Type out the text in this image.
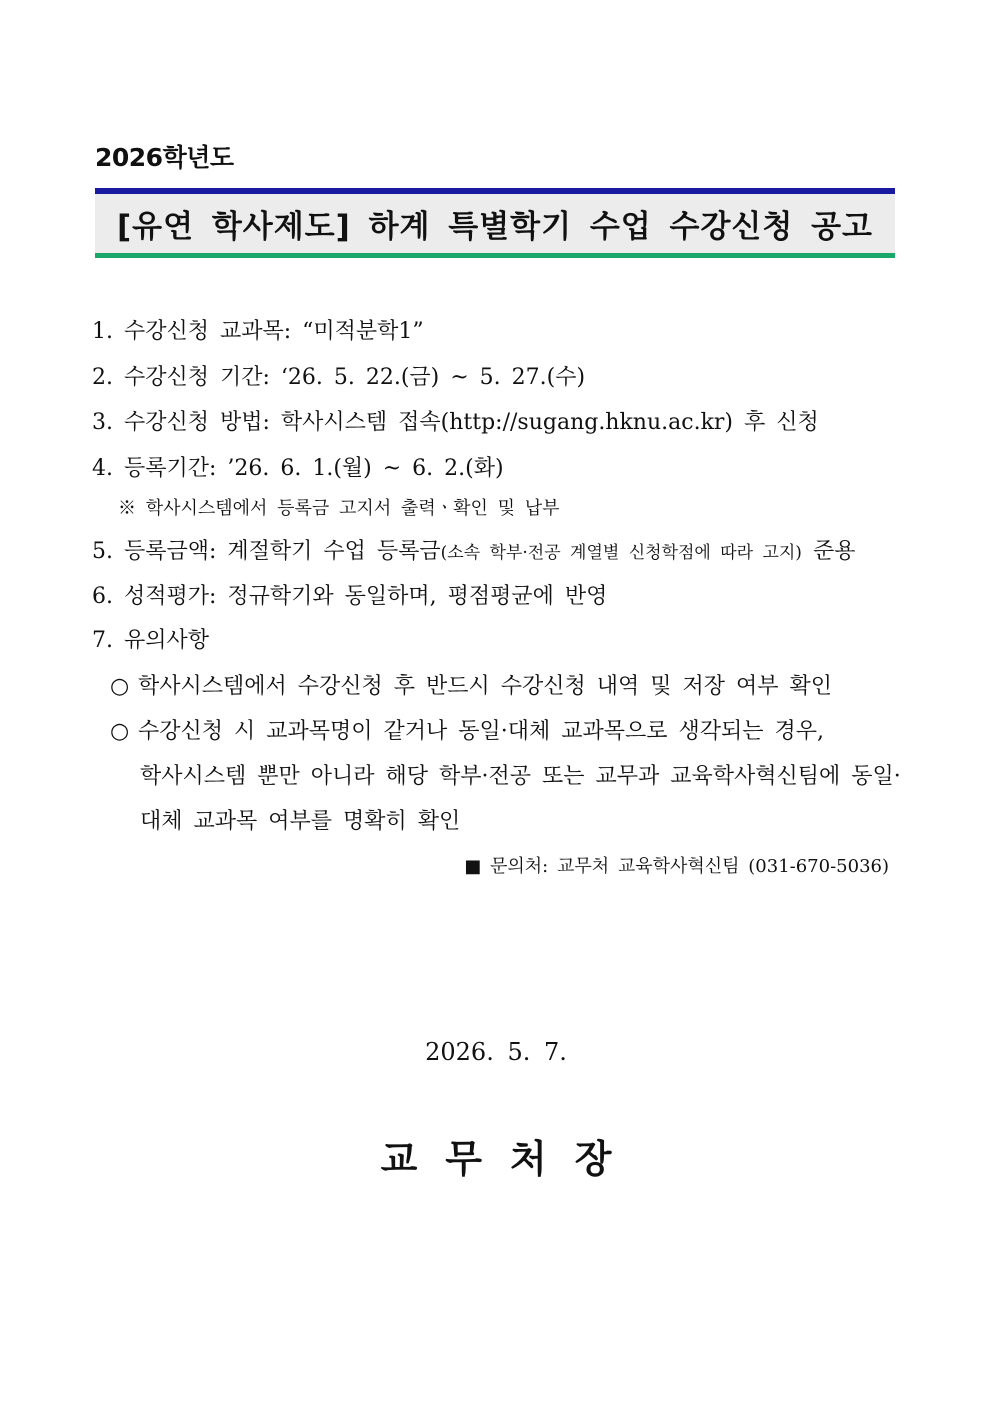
2026학년도
[유연 학사제도] 하계 특별학기 수업 수강신청 공고
1. 수강신청 교과목: “미적분학1”
2. 수강신청 기간: ‘26. 5. 22.(금) ~ 5. 27.(수)
3. 수강신청 방법: 학사시스템 접속(http://sugang.hknu.ac.kr) 후 신청
4. 등록기간: ’26. 6. 1.(월) ~ 6. 2.(화)
※ 학사시스템에서 등록금 고지서 출력ㆍ확인 및 납부
5. 등록금액: 계절학기 수업 등록금(소속 학부·전공 계열별 신청학점에 따라 고지) 준용
6. 성적평가: 정규학기와 동일하며, 평점평균에 반영
7. 유의사항
○ 학사시스템에서 수강신청 후 반드시 수강신청 내역 및 저장 여부 확인
○ 수강신청 시 교과목명이 같거나 동일·대체 교과목으로 생각되는 경우,
학사시스템 뿐만 아니라 해당 학부·전공 또는 교무과 교육학사혁신팀에 동일·
대체 교과목 여부를 명확히 확인
■ 문의처: 교무처 교육학사혁신팀 (031-670-5036)
2026. 5. 7.
교무처장
